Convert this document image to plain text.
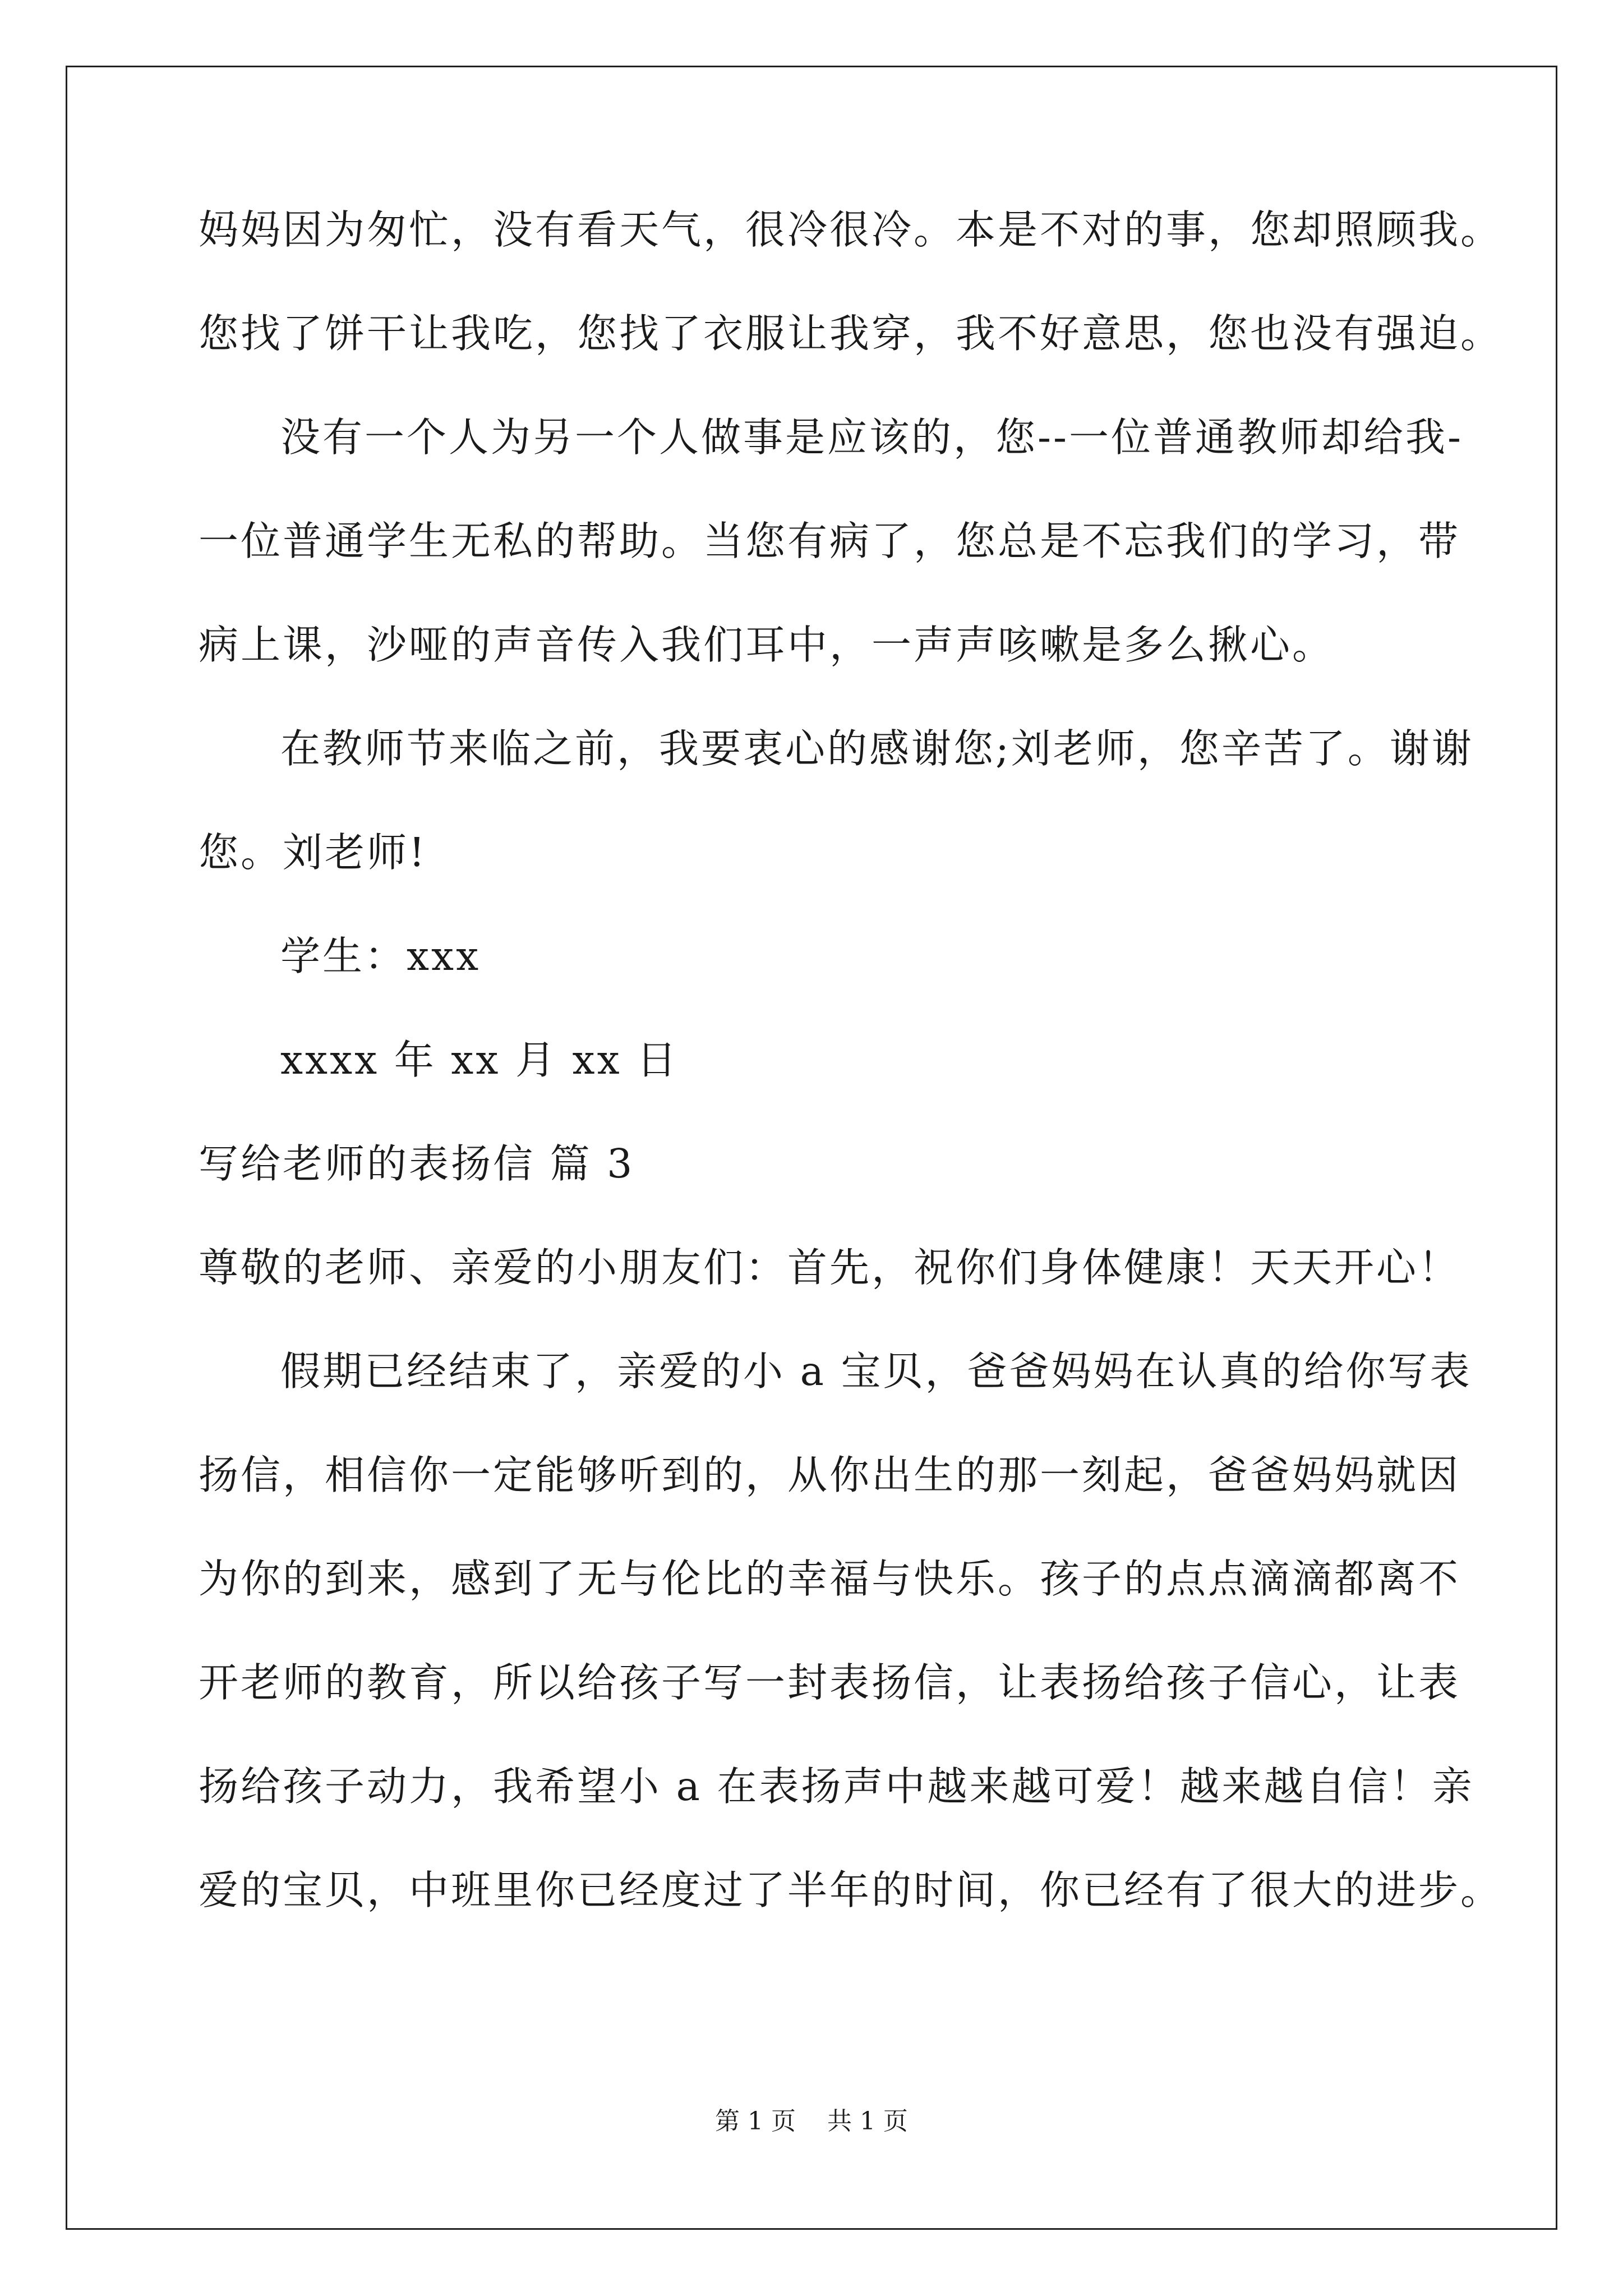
妈妈因为匆忙，没有看天气，很冷很冷。本是不对的事，您却照顾我。
您找了饼干让我吃，您找了衣服让我穿，我不好意思，您也没有强迫。
没有一个人为另一个人做事是应该的，您--一位普通教师却给我-
一位普通学生无私的帮助。当您有病了，您总是不忘我们的学习，带
病上课，沙哑的声音传入我们耳中，一声声咳嗽是多么揪心。
在教师节来临之前，我要衷心的感谢您;刘老师，您辛苦了。谢谢
您。刘老师!
学生：xxx
xxxx 年 xx 月 xx 日
写给老师的表扬信 篇 3
尊敬的老师、亲爱的小朋友们：首先，祝你们身体健康！天天开心！
假期已经结束了，亲爱的小 a 宝贝，爸爸妈妈在认真的给你写表
扬信，相信你一定能够听到的，从你出生的那一刻起，爸爸妈妈就因
为你的到来，感到了无与伦比的幸福与快乐。孩子的点点滴滴都离不
开老师的教育，所以给孩子写一封表扬信，让表扬给孩子信心，让表
扬给孩子动力，我希望小 a 在表扬声中越来越可爱！越来越自信！亲
爱的宝贝，中班里你已经度过了半年的时间，你已经有了很大的进步。
第 1 页    共 1 页
